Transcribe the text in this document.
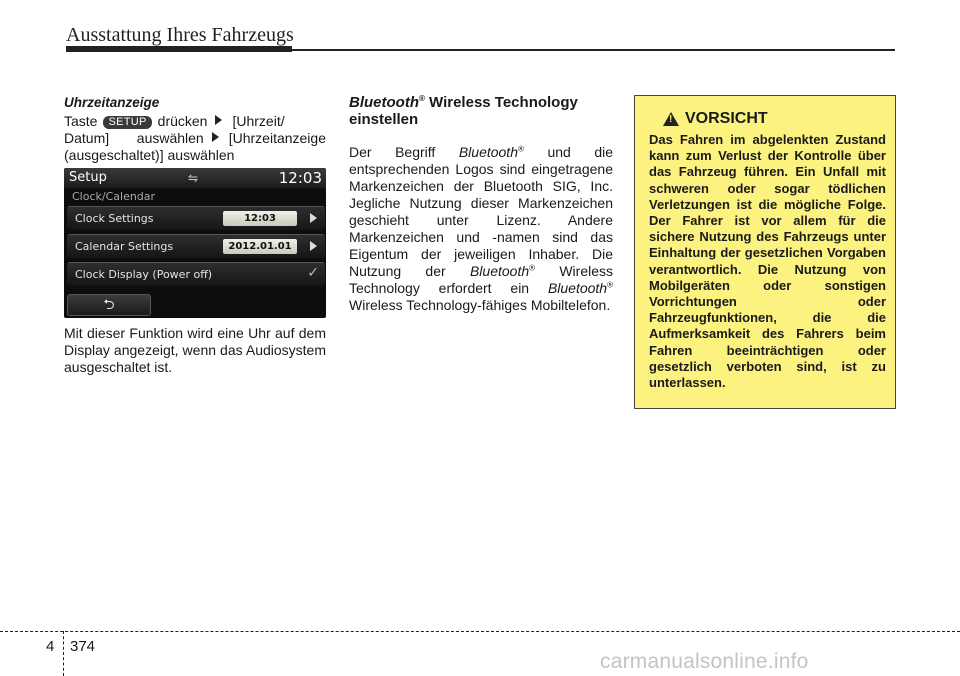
Ausstattung Ihres Fahrzeugs
Uhrzeitanzeige
Taste SETUP drücken [Uhrzeit/ Datum] auswählen [Uhrzeitanzeige (ausgeschaltet)] auswählen
Setup	⇋	12:03
Clock/Calendar
Clock Settings	12:03
Calendar Settings	2012.01.01
Clock Display (Power off)	✓
⮌
Mit dieser Funktion wird eine Uhr auf dem Display angezeigt, wenn das Audiosystem ausgeschaltet ist.
Bluetooth® Wireless Technology einstellen
Der Begriff Bluetooth® und die entsprechenden Logos sind eingetragene Markenzeichen der Bluetooth SIG, Inc. Jegliche Nutzung dieser Markenzeichen geschieht unter Lizenz. Andere Markenzeichen und -namen sind das Eigentum der jeweiligen Inhaber. Die Nutzung der Bluetooth® Wireless Technology erfordert ein Bluetooth® Wireless Technology-fähiges Mobiltelefon.
!
VORSICHT
Das Fahren im abgelenkten Zustand kann zum Verlust der Kontrolle über das Fahrzeug führen. Ein Unfall mit schweren oder sogar tödlichen Verletzungen ist die mögliche Folge. Der Fahrer ist vor allem für die sichere Nutzung des Fahrzeugs unter Einhaltung der gesetzlichen Vorgaben verantwortlich. Die Nutzung von Mobilgeräten oder sonstigen Vorrichtungen oder Fahrzeugfunktionen, die die Aufmerksamkeit des Fahrers beim Fahren beeinträchtigen oder gesetzlich verboten sind, ist zu unterlassen.
4 374
carmanualsonline.info
